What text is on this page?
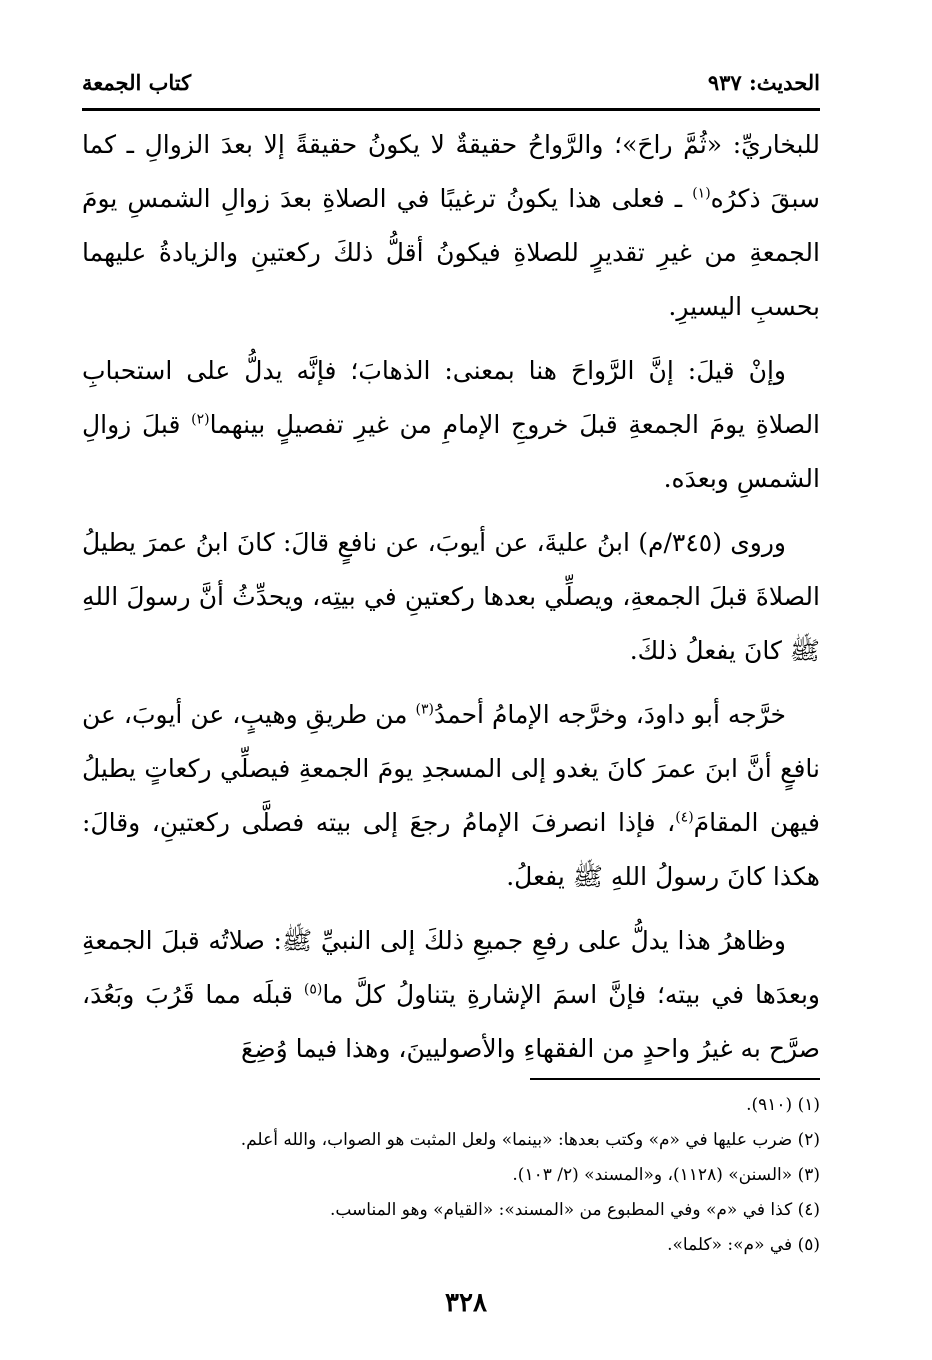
الحديث: ٩٣٧
كتاب الجمعة

للبخاريِّ: «ثُمَّ راحَ»؛ والرَّواحُ حقيقةٌ لا يكونُ حقيقةً إلا بعدَ الزوالِ ـ كما سبقَ ذكرُه$^{(١)}$ ـ فعلى هذا يكونُ ترغيبًا في الصلاةِ بعدَ زوالِ الشمسِ يومَ الجمعةِ من غيرِ تقديرٍ للصلاةِ فيكونُ أقلُّ ذلكَ ركعتينِ والزيادةُ عليهما بحسبِ اليسيرِ.

وإنْ قيلَ: إنَّ الرَّواحَ هنا بمعنى: الذهابَ؛ فإنَّه يدلُّ على استحبابِ الصلاةِ يومَ الجمعةِ قبلَ خروجِ الإمامِ من غيرِ تفصيلٍ بينهما$^{(٢)}$ قبلَ زوالِ الشمسِ وبعدَه.

وروى (٣٤٥/م) ابنُ عليةَ، عن أيوبَ، عن نافعٍ قالَ: كانَ ابنُ عمرَ يطيلُ الصلاةَ قبلَ الجمعةِ، ويصلِّي بعدها ركعتينِ في بيتِه، ويحدِّثُ أنَّ رسولَ اللهِ ﷺ كانَ يفعلُ ذلكَ.

خرَّجه أبو داودَ، وخرَّجه الإمامُ أحمدُ$^{(٣)}$ من طريقِ وهيبٍ، عن أيوبَ، عن نافعٍ أنَّ ابنَ عمرَ كانَ يغدو إلى المسجدِ يومَ الجمعةِ فيصلِّي ركعاتٍ يطيلُ فيهن المقامَ$^{(٤)}$، فإذا انصرفَ الإمامُ رجعَ إلى بيته فصلَّى ركعتينِ، وقالَ: هكذا كانَ رسولُ اللهِ ﷺ يفعلُ.

وظاهرُ هذا يدلُّ على رفعِ جميعِ ذلكَ إلى النبيِّ ﷺ: صلاتُه قبلَ الجمعةِ وبعدَها في بيته؛ فإنَّ اسمَ الإشارةِ يتناولُ كلَّ ما$^{(٥)}$ قبلَه مما قَرُبَ وبَعُدَ، صرَّح به غيرُ واحدٍ من الفقهاءِ والأصوليينَ، وهذا فيما وُضِعَ

(١) (٩١٠).
(٢) ضرب عليها في «م» وكتب بعدها: «بينما» ولعل المثبت هو الصواب، والله أعلم.
(٣) «السنن» (١١٢٨)، و«المسند» (٢/ ١٠٣).
(٤) كذا في «م» وفي المطبوع من «المسند»: «القيام» وهو المناسب.
(٥) في «م»: «كلما».
٣٢٨
